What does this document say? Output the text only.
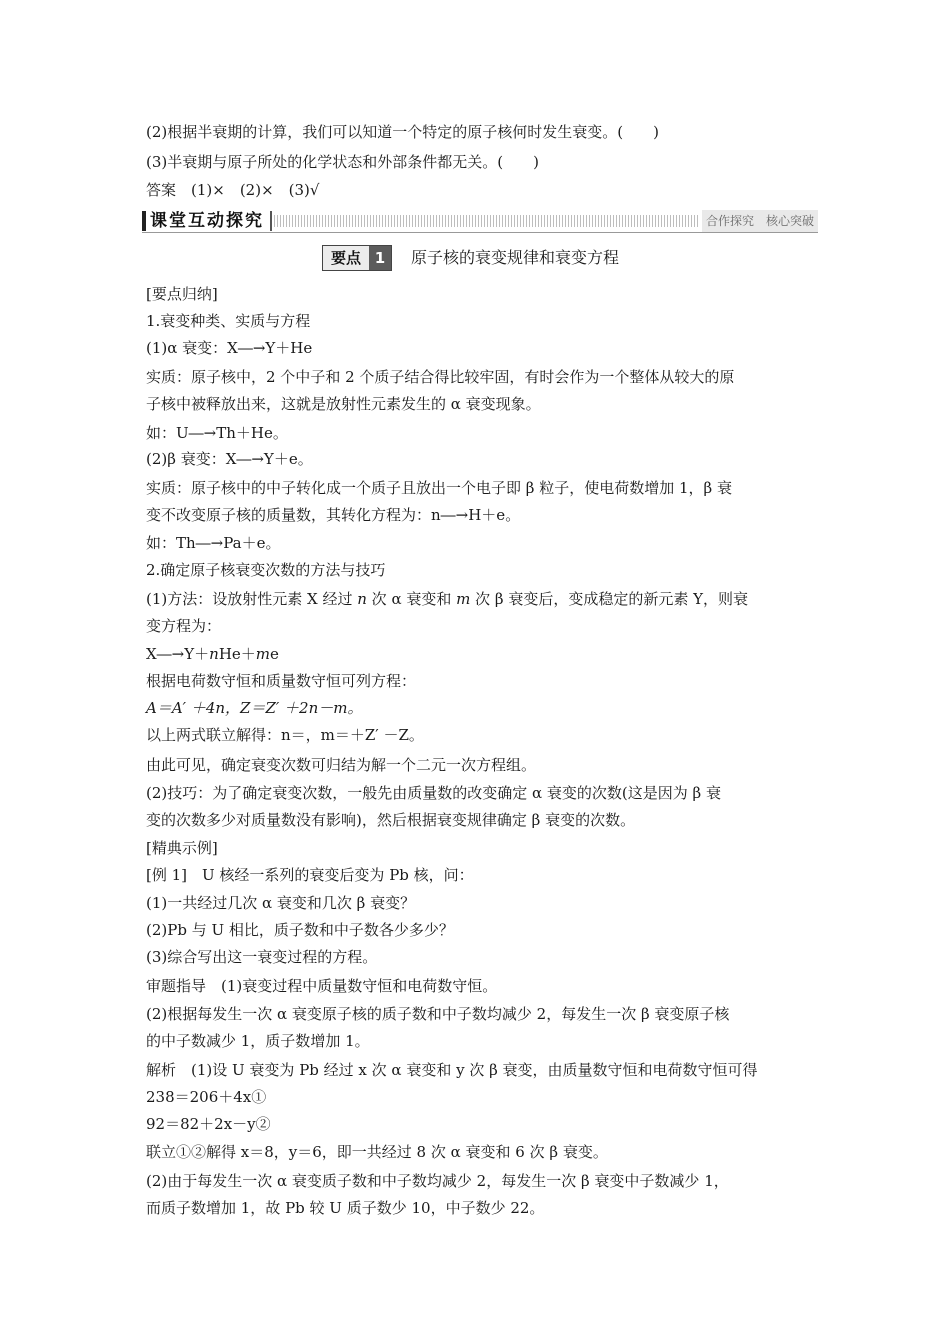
(2)根据半衰期的计算，我们可以知道一个特定的原子核何时发生衰变。(　　)
(3)半衰期与原子所处的化学状态和外部条件都无关。(　　)
答案　(1)×　(2)×　(3)√
课堂互动探究	合作探究　核心突破
要点 1	原子核的衰变规律和衰变方程
[要点归纳]
1.衰变种类、实质与方程
(1)α 衰变：X―→Y＋He
实质：原子核中，2 个中子和 2 个质子结合得比较牢固，有时会作为一个整体从较大的原
子核中被释放出来，这就是放射性元素发生的 α 衰变现象。
如：U―→Th＋He。
(2)β 衰变：X―→Y＋e。
实质：原子核中的中子转化成一个质子且放出一个电子即 β 粒子，使电荷数增加 1，β 衰
变不改变原子核的质量数，其转化方程为：n―→H＋e。
如：Th―→Pa＋e。
2.确定原子核衰变次数的方法与技巧
(1)方法：设放射性元素 X 经过 n 次 α 衰变和 m 次 β 衰变后，变成稳定的新元素 Y，则衰
变方程为：
X―→Y＋nHe＋me
根据电荷数守恒和质量数守恒可列方程：
A＝A′ ＋4n，Z＝Z′ ＋2n－m。
以上两式联立解得：n＝，m＝＋Z′ －Z。
由此可见，确定衰变次数可归结为解一个二元一次方程组。
(2)技巧：为了确定衰变次数，一般先由质量数的改变确定 α 衰变的次数(这是因为 β 衰
变的次数多少对质量数没有影响)，然后根据衰变规律确定 β 衰变的次数。
[精典示例]
[例 1]　U 核经一系列的衰变后变为 Pb 核，问：
(1)一共经过几次 α 衰变和几次 β 衰变？
(2)Pb 与 U 相比，质子数和中子数各少多少？
(3)综合写出这一衰变过程的方程。
审题指导　(1)衰变过程中质量数守恒和电荷数守恒。
(2)根据每发生一次 α 衰变原子核的质子数和中子数均减少 2，每发生一次 β 衰变原子核
的中子数减少 1，质子数增加 1。
解析　(1)设 U 衰变为 Pb 经过 x 次 α 衰变和 y 次 β 衰变，由质量数守恒和电荷数守恒可得
238＝206＋4x①
92＝82＋2x－y②
联立①②解得 x＝8，y＝6，即一共经过 8 次 α 衰变和 6 次 β 衰变。
(2)由于每发生一次 α 衰变质子数和中子数均减少 2，每发生一次 β 衰变中子数减少 1，
而质子数增加 1，故 Pb 较 U 质子数少 10，中子数少 22。
